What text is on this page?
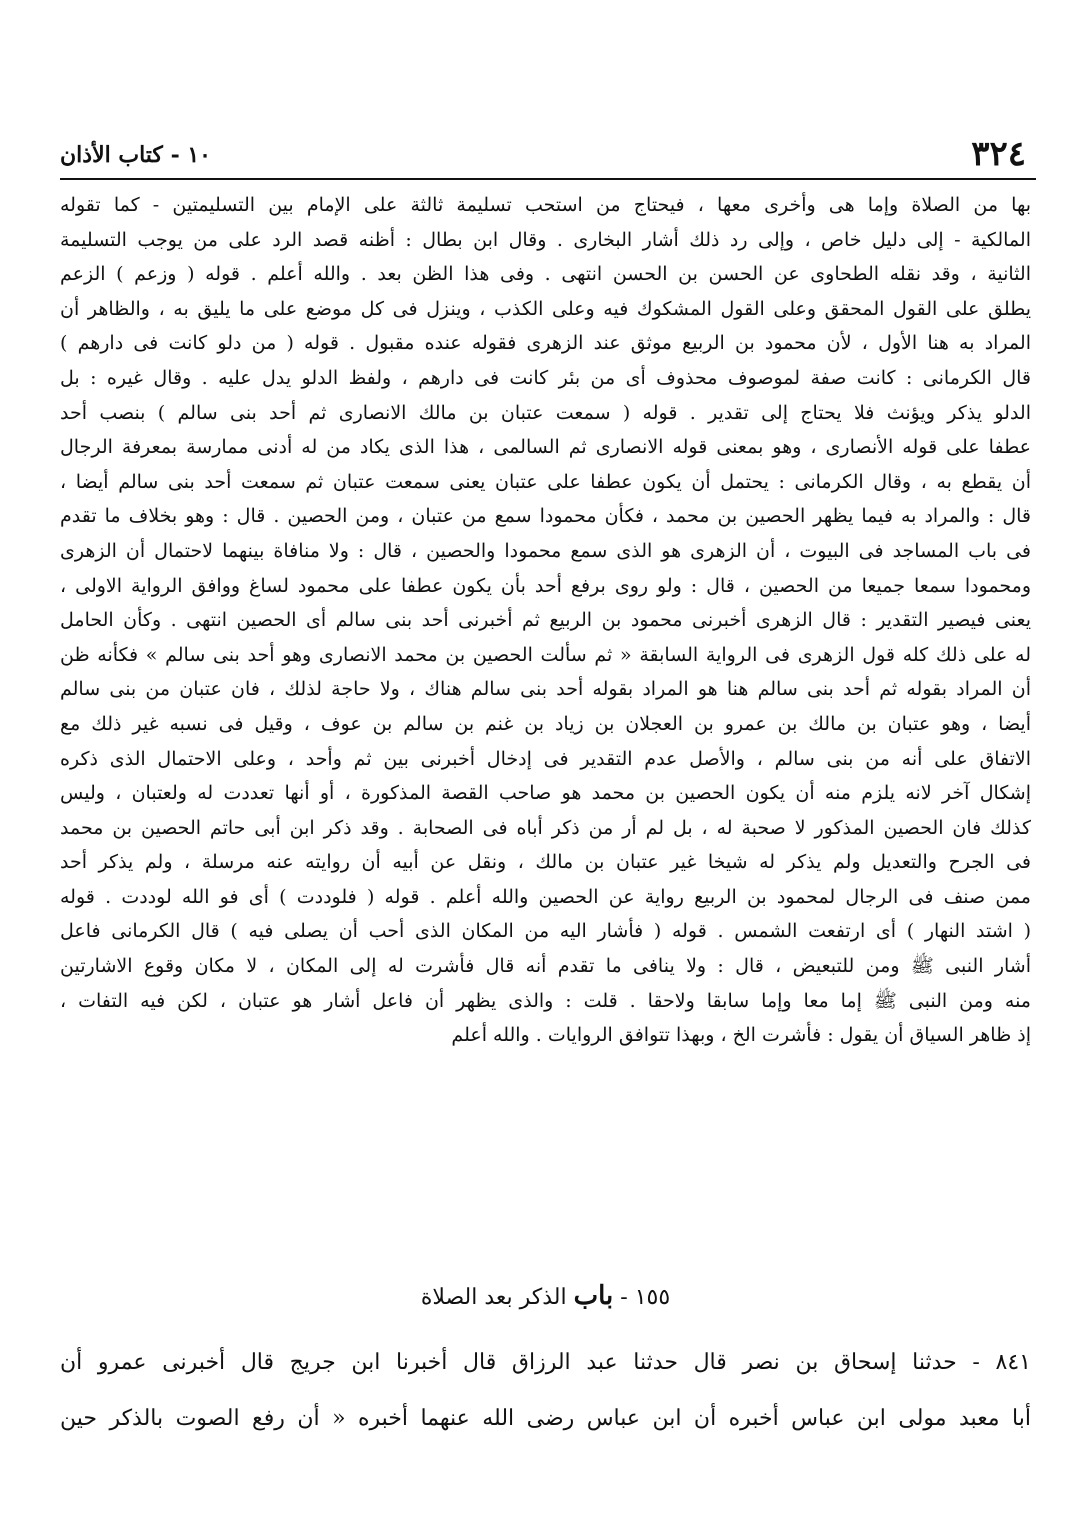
٣٢٤
١٠ - كتاب الأذان
بها من الصلاة وإما هى وأخرى معها ، فيحتاج من استحب تسليمة ثالثة على الإمام بين التسليمتين - كما تقوله
المالكية - إلى دليل خاص ، وإلى رد ذلك أشار البخارى . وقال ابن بطال : أظنه قصد الرد على من يوجب التسليمة
الثانية ، وقد نقله الطحاوى عن الحسن بن الحسن انتهى . وفى هذا الظن بعد . والله أعلم . قوله ( وزعم ) الزعم
يطلق على القول المحقق وعلى القول المشكوك فيه وعلى الكذب ، وينزل فى كل موضع على ما يليق به ، والظاهر أن
المراد به هنا الأول ، لأن محمود بن الربيع موثق عند الزهرى فقوله عنده مقبول . قوله ( من دلو كانت فى دارهم )
قال الكرمانى : كانت صفة لموصوف محذوف أى من بئر كانت فى دارهم ، ولفظ الدلو يدل عليه . وقال غيره : بل
الدلو يذكر ويؤنث فلا يحتاج إلى تقدير . قوله ( سمعت عتبان بن مالك الانصارى ثم أحد بنى سالم ) بنصب أحد
عطفا على قوله الأنصارى ، وهو بمعنى قوله الانصارى ثم السالمى ، هذا الذى يكاد من له أدنى ممارسة بمعرفة الرجال
أن يقطع به ، وقال الكرمانى : يحتمل أن يكون عطفا على عتبان يعنى سمعت عتبان ثم سمعت أحد بنى سالم أيضا ،
قال : والمراد به فيما يظهر الحصين بن محمد ، فكأن محمودا سمع من عتبان ، ومن الحصين . قال : وهو بخلاف ما تقدم
فى باب المساجد فى البيوت ، أن الزهرى هو الذى سمع محمودا والحصين ، قال : ولا منافاة بينهما لاحتمال أن الزهرى
ومحمودا سمعا جميعا من الحصين ، قال : ولو روى برفع أحد بأن يكون عطفا على محمود لساغ ووافق الرواية الاولى ،
يعنى فيصير التقدير : قال الزهرى أخبرنى محمود بن الربيع ثم أخبرنى أحد بنى سالم أى الحصين انتهى . وكأن الحامل
له على ذلك كله قول الزهرى فى الرواية السابقة « ثم سألت الحصين بن محمد الانصارى وهو أحد بنى سالم » فكأنه ظن
أن المراد بقوله ثم أحد بنى سالم هنا هو المراد بقوله أحد بنى سالم هناك ، ولا حاجة لذلك ، فان عتبان من بنى سالم
أيضا ، وهو عتبان بن مالك بن عمرو بن العجلان بن زياد بن غنم بن سالم بن عوف ، وقيل فى نسبه غير ذلك مع
الاتفاق على أنه من بنى سالم ، والأصل عدم التقدير فى إدخال أخبرنى بين ثم وأحد ، وعلى الاحتمال الذى ذكره
إشكال آخر لانه يلزم منه أن يكون الحصين بن محمد هو صاحب القصة المذكورة ، أو أنها تعددت له ولعتبان ، وليس
كذلك فان الحصين المذكور لا صحبة له ، بل لم أر من ذكر أباه فى الصحابة . وقد ذكر ابن أبى حاتم الحصين بن محمد
فى الجرح والتعديل ولم يذكر له شيخا غير عتبان بن مالك ، ونقل عن أبيه أن روايته عنه مرسلة ، ولم يذكر أحد
ممن صنف فى الرجال لمحمود بن الربيع رواية عن الحصين والله أعلم . قوله ( فلوددت ) أى فو الله لوددت . قوله
( اشتد النهار ) أى ارتفعت الشمس . قوله ( فأشار اليه من المكان الذى أحب أن يصلى فيه ) قال الكرمانى فاعل
أشار النبى ﷺ ومن للتبعيض ، قال : ولا ينافى ما تقدم أنه قال فأشرت له إلى المكان ، لا مكان وقوع الاشارتين
منه ومن النبى ﷺ إما معا وإما سابقا ولاحقا . قلت : والذى يظهر أن فاعل أشار هو عتبان ، لكن فيه التفات ،
إذ ظاهر السياق أن يقول : فأشرت الخ ، وبهذا تتوافق الروايات . والله أعلم
١٥٥ - باب الذكر بعد الصلاة
٨٤١ - حدثنا إسحاق بن نصر قال حدثنا عبد الرزاق قال أخبرنا ابن جريج قال أخبرنى عمرو أن
أبا معبد مولى ابن عباس أخبره أن ابن عباس رضى الله عنهما أخبره « أن رفع الصوت بالذكر حين
